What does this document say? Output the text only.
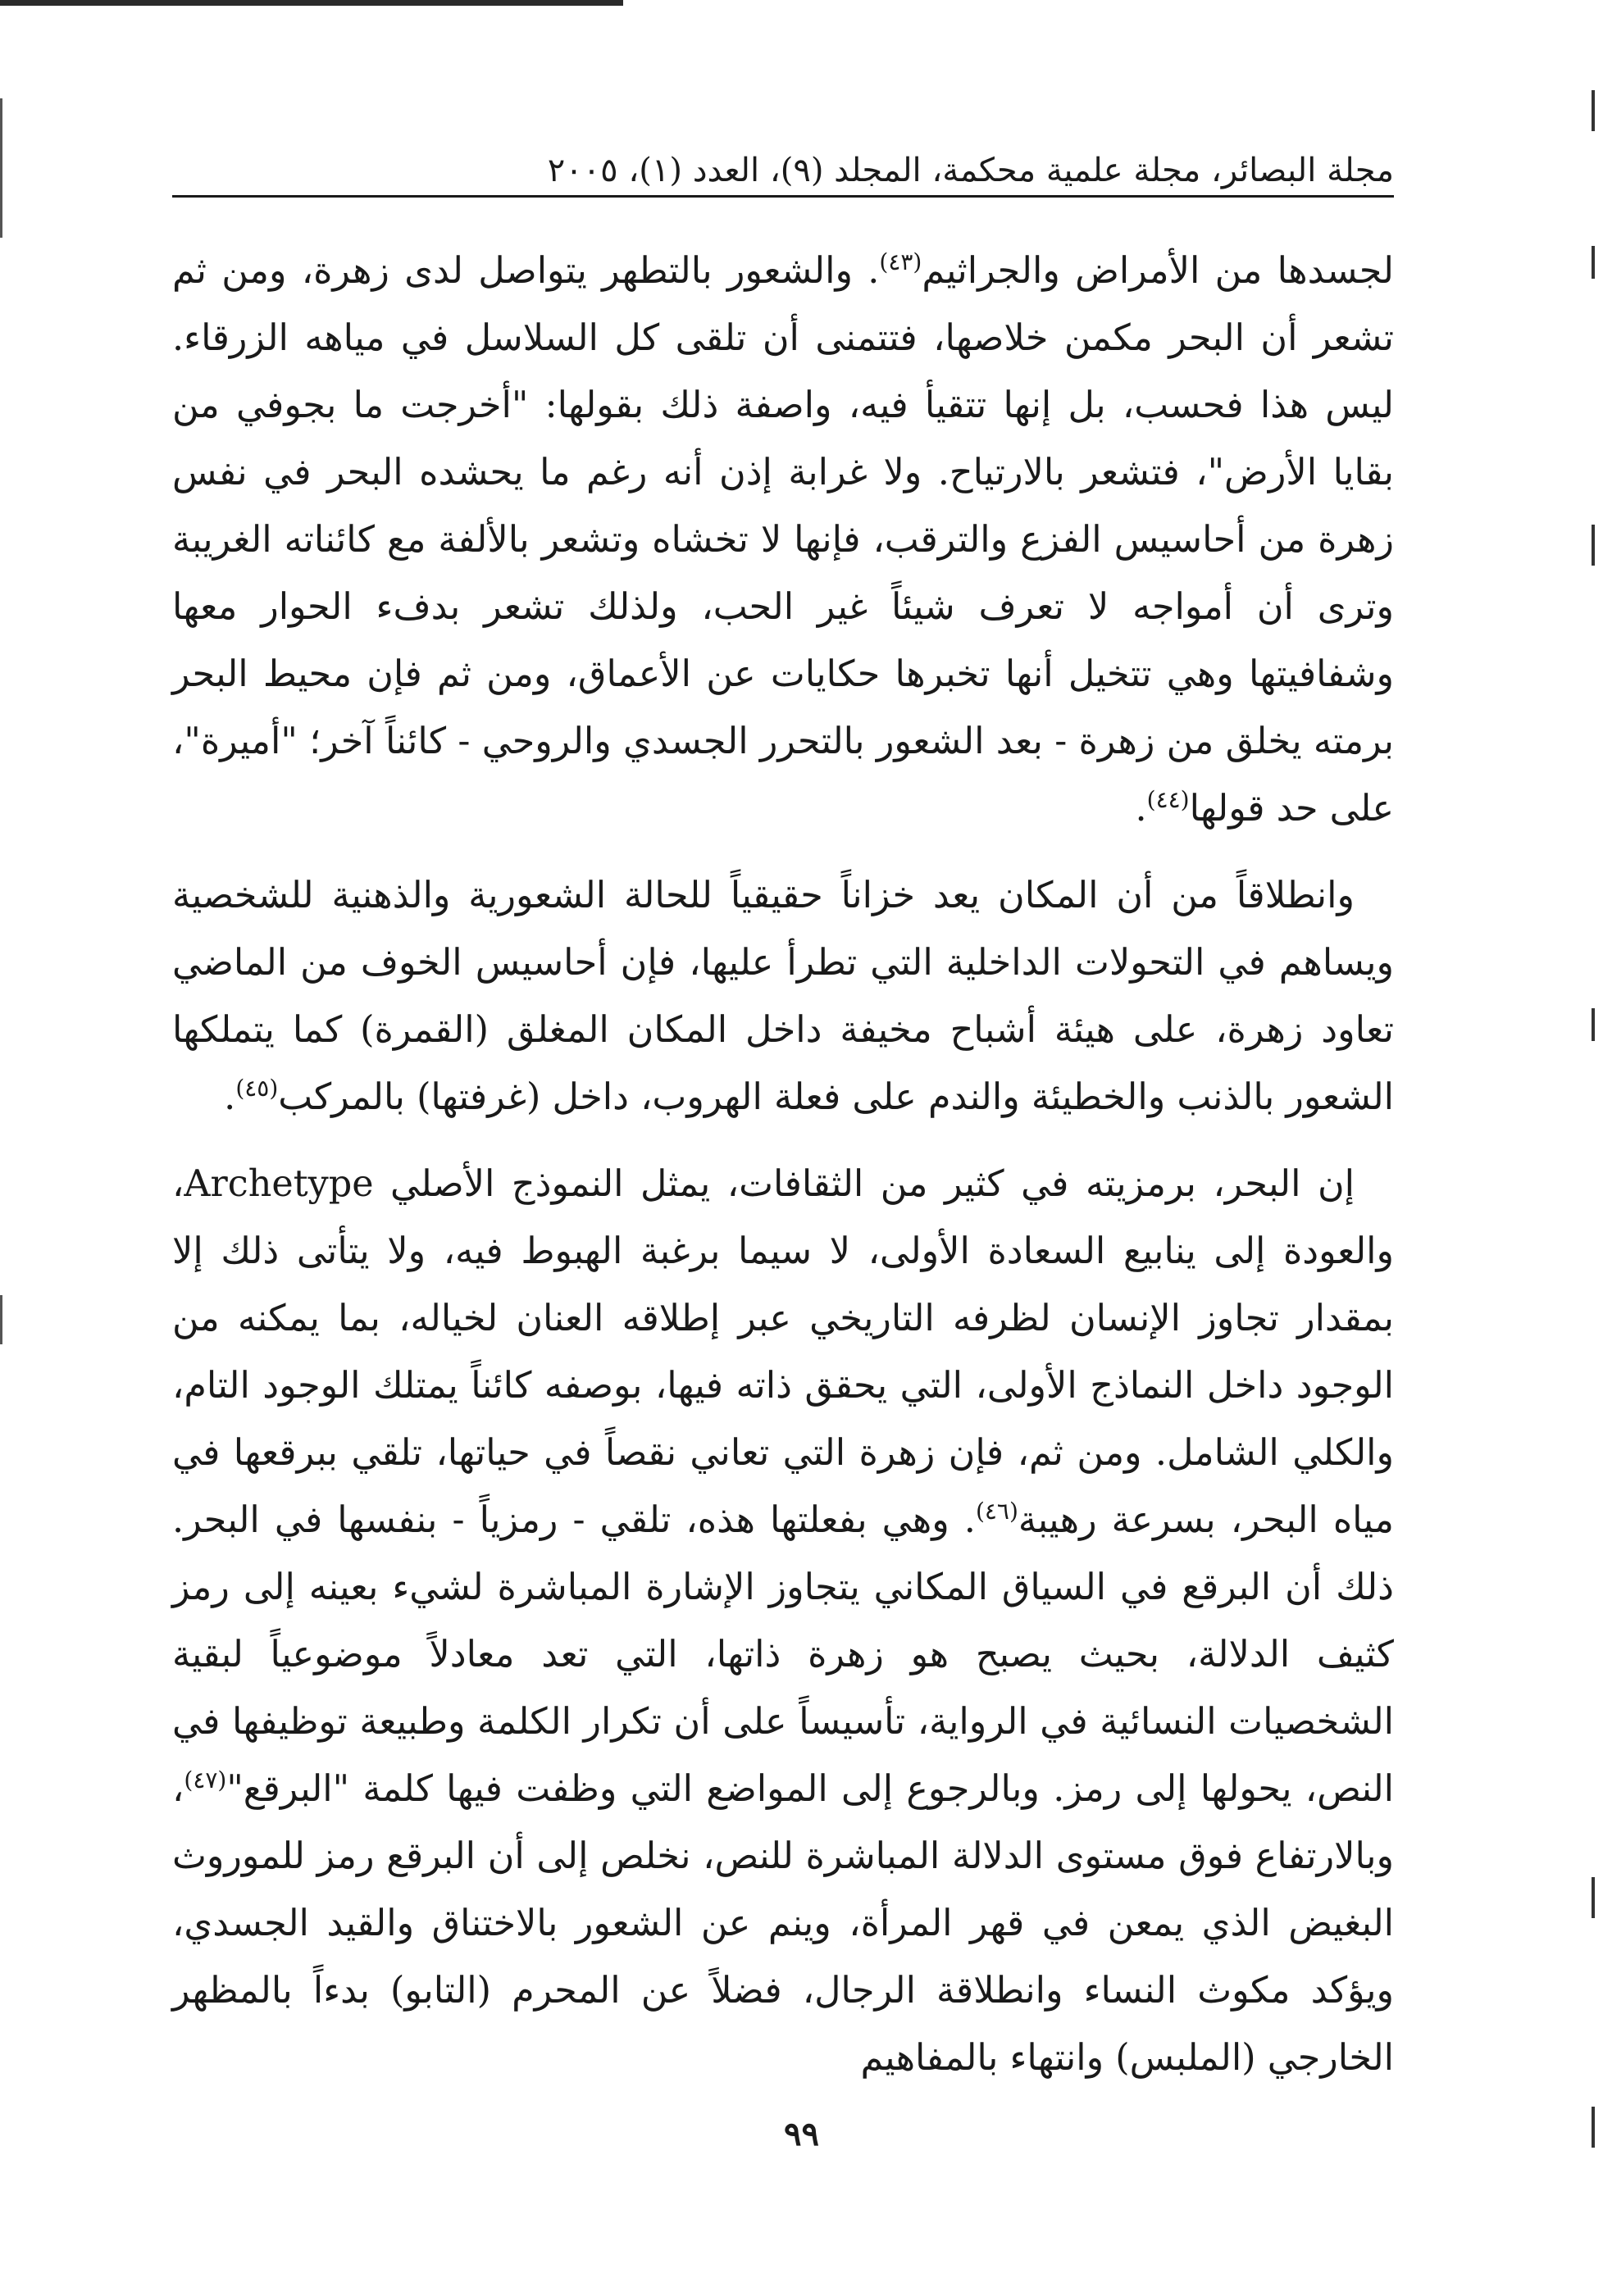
مجلة البصائر، مجلة علمية محكمة، المجلد (٩)، العدد (١)، ٢٠٠٥

لجسدها من الأمراض والجراثيم$^{(٤٣)}$. والشعور بالتطهر يتواصل لدى زهرة، ومن ثم تشعر أن البحر مكمن خلاصها، فتتمنى أن تلقى كل السلاسل في مياهه الزرقاء. ليس هذا فحسب، بل إنها تتقيأ فيه، واصفة ذلك بقولها: "أخرجت ما بجوفي من بقايا الأرض"، فتشعر بالارتياح. ولا غرابة إذن أنه رغم ما يحشده البحر في نفس زهرة من أحاسيس الفزع والترقب، فإنها لا تخشاه وتشعر بالألفة مع كائناته الغريبة وترى أن أمواجه لا تعرف شيئاً غير الحب، ولذلك تشعر بدفء الحوار معها وشفافيتها وهي تتخيل أنها تخبرها حكايات عن الأعماق، ومن ثم فإن محيط البحر برمته يخلق من زهرة - بعد الشعور بالتحرر الجسدي والروحي - كائناً آخر؛ "أميرة"، على حد قولها$^{(٤٤)}$.

وانطلاقاً من أن المكان يعد خزاناً حقيقياً للحالة الشعورية والذهنية للشخصية ويساهم في التحولات الداخلية التي تطرأ عليها، فإن أحاسيس الخوف من الماضي تعاود زهرة، على هيئة أشباح مخيفة داخل المكان المغلق (القمرة) كما يتملكها الشعور بالذنب والخطيئة والندم على فعلة الهروب، داخل (غرفتها) بالمركب$^{(٤٥)}$.

إن البحر، برمزيته في كثير من الثقافات، يمثل النموذج الأصلي Archetype، والعودة إلى ينابيع السعادة الأولى، لا سيما برغبة الهبوط فيه، ولا يتأتى ذلك إلا بمقدار تجاوز الإنسان لظرفه التاريخي عبر إطلاقه العنان لخياله، بما يمكنه من الوجود داخل النماذج الأولى، التي يحقق ذاته فيها، بوصفه كائناً يمتلك الوجود التام، والكلي الشامل. ومن ثم، فإن زهرة التي تعاني نقصاً في حياتها، تلقي ببرقعها في مياه البحر، بسرعة رهيبة$^{(٤٦)}$. وهي بفعلتها هذه، تلقي - رمزياً - بنفسها في البحر. ذلك أن البرقع في السياق المكاني يتجاوز الإشارة المباشرة لشيء بعينه إلى رمز كثيف الدلالة، بحيث يصبح هو زهرة ذاتها، التي تعد معادلاً موضوعياً لبقية الشخصيات النسائية في الرواية، تأسيساً على أن تكرار الكلمة وطبيعة توظيفها في النص، يحولها إلى رمز. وبالرجوع إلى المواضع التي وظفت فيها كلمة "البرقع"$^{(٤٧)}$، وبالارتفاع فوق مستوى الدلالة المباشرة للنص، نخلص إلى أن البرقع رمز للموروث البغيض الذي يمعن في قهر المرأة، وينم عن الشعور بالاختناق والقيد الجسدي، ويؤكد مكوث النساء وانطلاقة الرجال، فضلاً عن المحرم (التابو) بدءاً بالمظهر الخارجي (الملبس) وانتهاء بالمفاهيم

٩٩
